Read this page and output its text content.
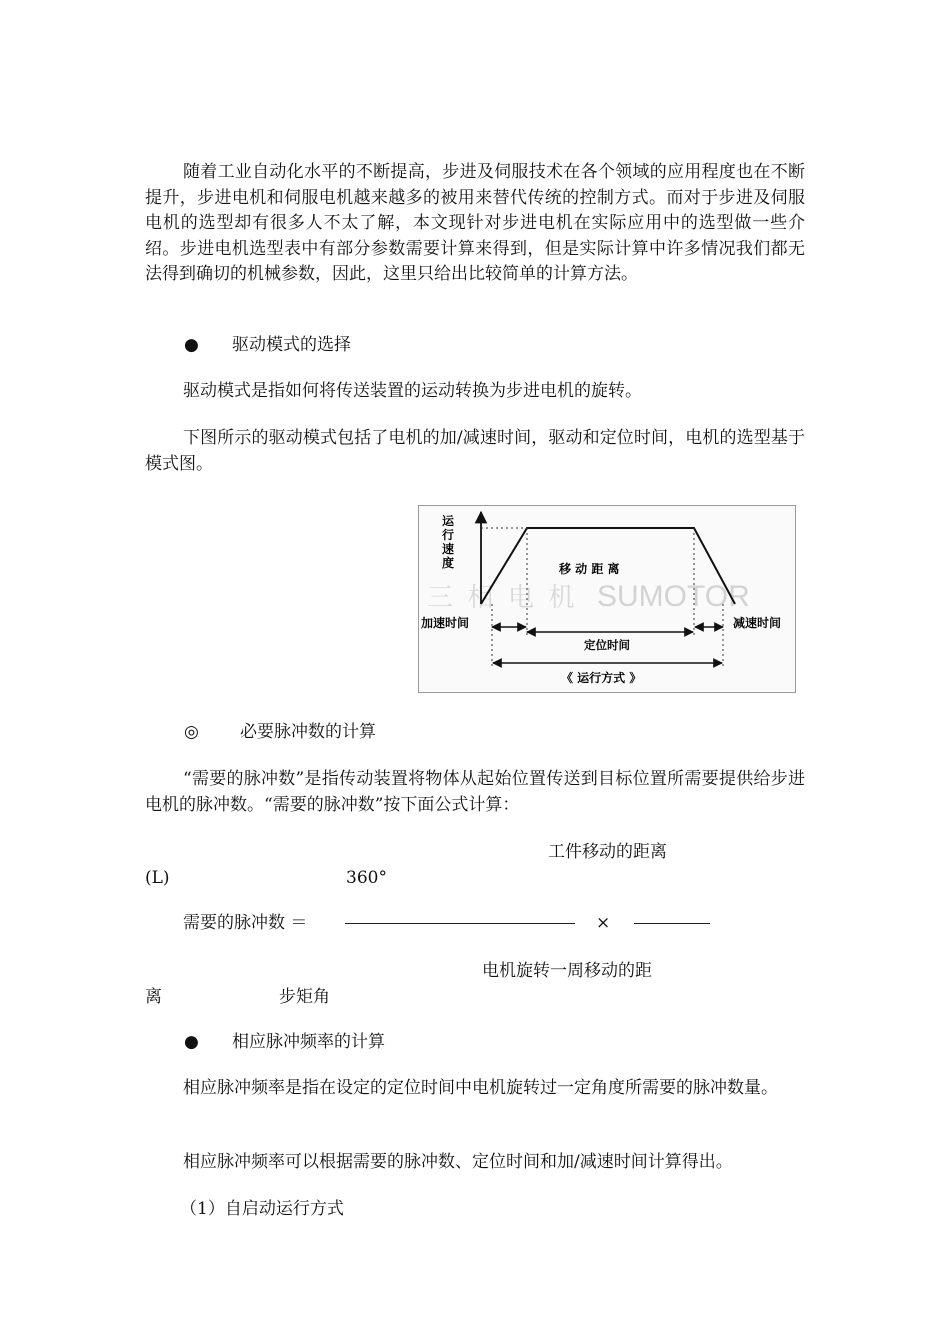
随着工业自动化水平的不断提高，步进及伺服技术在各个领域的应用程度也在不断提升，步进电机和伺服电机越来越多的被用来替代传统的控制方式。而对于步进及伺服电机的选型却有很多人不太了解，本文现针对步进电机在实际应用中的选型做一些介绍。步进电机选型表中有部分参数需要计算来得到，但是实际计算中许多情况我们都无法得到确切的机械参数，因此，这里只给出比较简单的计算方法。

● 驱动模式的选择

驱动模式是指如何将传送装置的运动转换为步进电机的旋转。

下图所示的驱动模式包括了电机的加/减速时间，驱动和定位时间，电机的选型基于模式图。

三 相 电 机 SUMOTOR
运
行
速
度	移 动 距 离
加速时间	减速时间
定位时间
《 运行方式 》
◎ 必要脉冲数的计算

“需要的脉冲数”是指传动装置将物体从起始位置传送到目标位置所需要提供给步进电机的脉冲数。“需要的脉冲数”按下面公式计算：

工件移动的距离
(L)	360°
需要的脉冲数 ＝	×
电机旋转一周移动的距
离	步矩角
● 相应脉冲频率的计算

相应脉冲频率是指在设定的定位时间中电机旋转过一定角度所需要的脉冲数量。

相应脉冲频率可以根据需要的脉冲数、定位时间和加/减速时间计算得出。

（1）自启动运行方式
